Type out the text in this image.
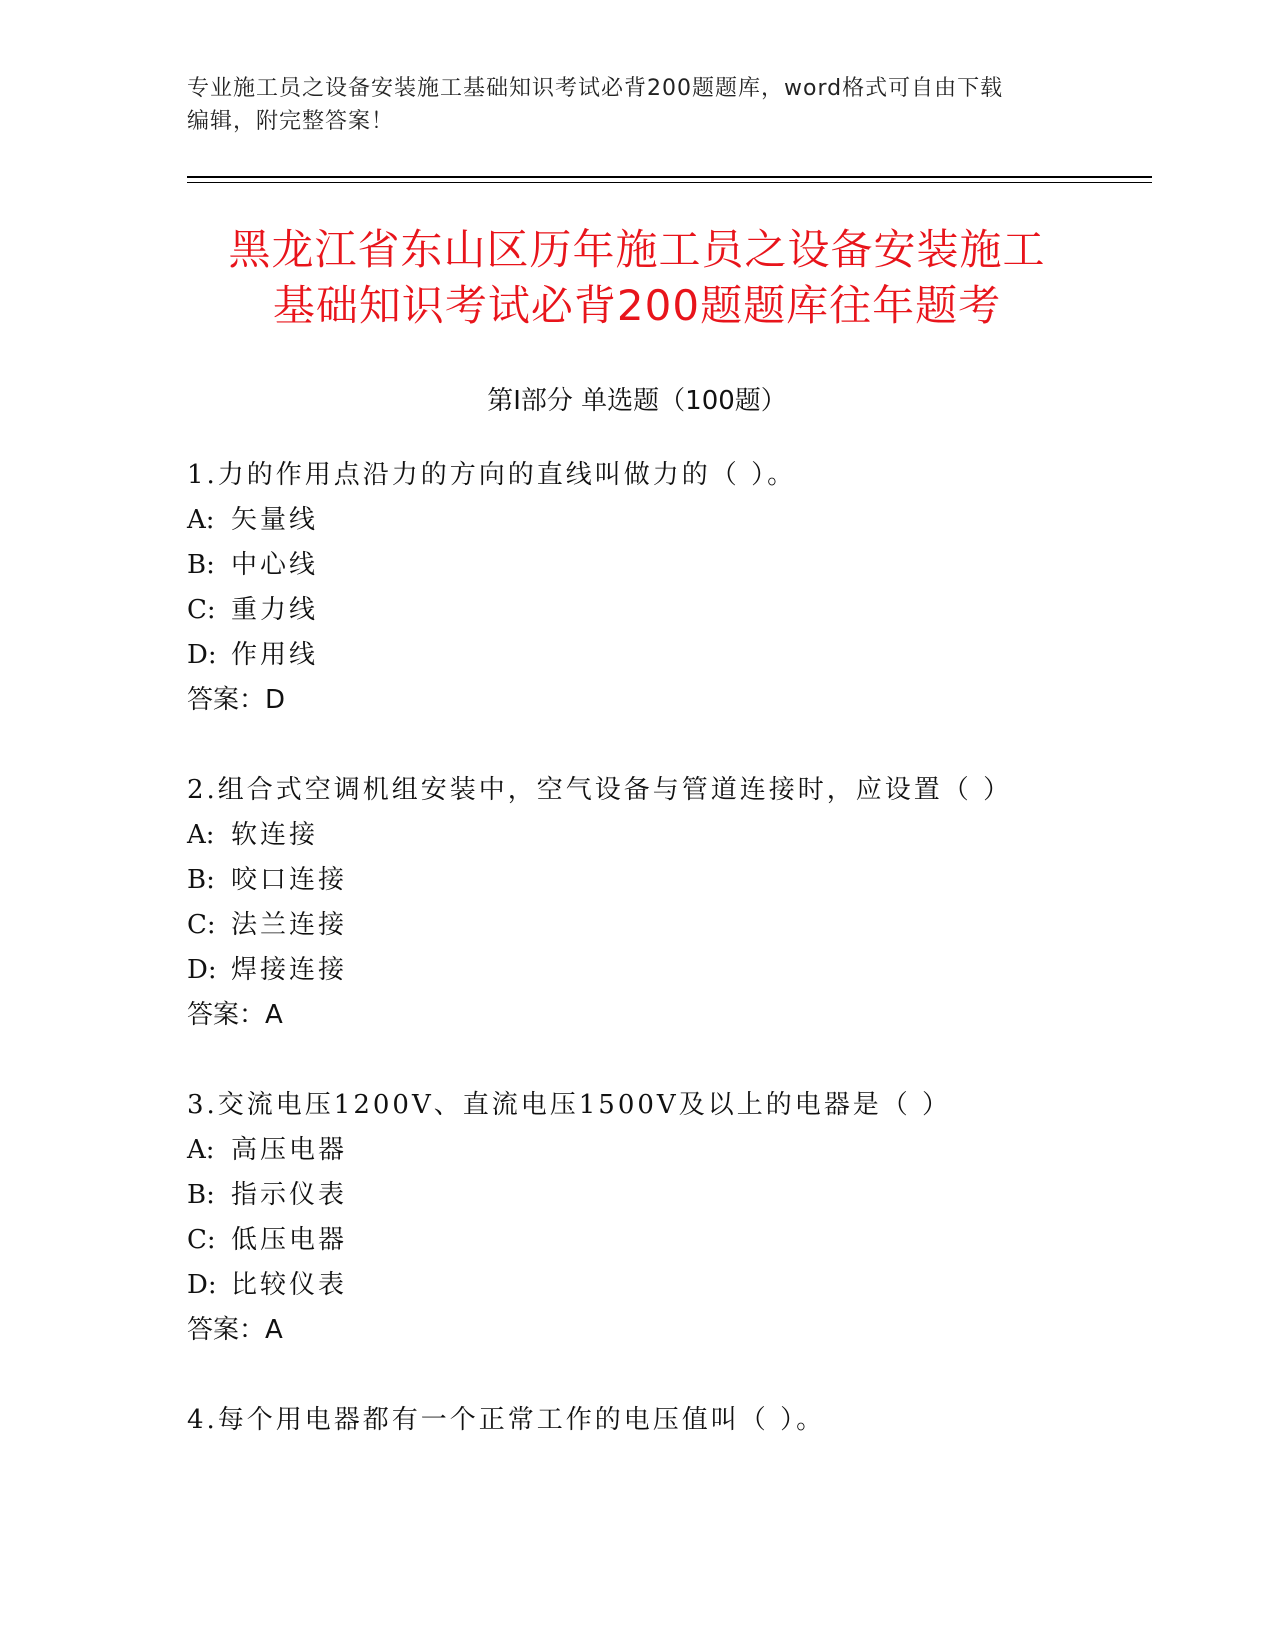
专业施工员之设备安装施工基础知识考试必背200题题库，word格式可自由下载
编辑，附完整答案！
黑龙江省东山区历年施工员之设备安装施工
基础知识考试必背200题题库往年题考
第Ⅰ部分 单选题（100题）
1.力的作用点沿力的方向的直线叫做力的（ ）。
A: 矢量线
B: 中心线
C: 重力线
D: 作用线
答案：D
2.组合式空调机组安装中，空气设备与管道连接时，应设置（ ）
A: 软连接
B: 咬口连接
C: 法兰连接
D: 焊接连接
答案：A
3.交流电压1200V、直流电压1500V及以上的电器是（ ）
A: 高压电器
B: 指示仪表
C: 低压电器
D: 比较仪表
答案：A
4.每个用电器都有一个正常工作的电压值叫（ ）。
